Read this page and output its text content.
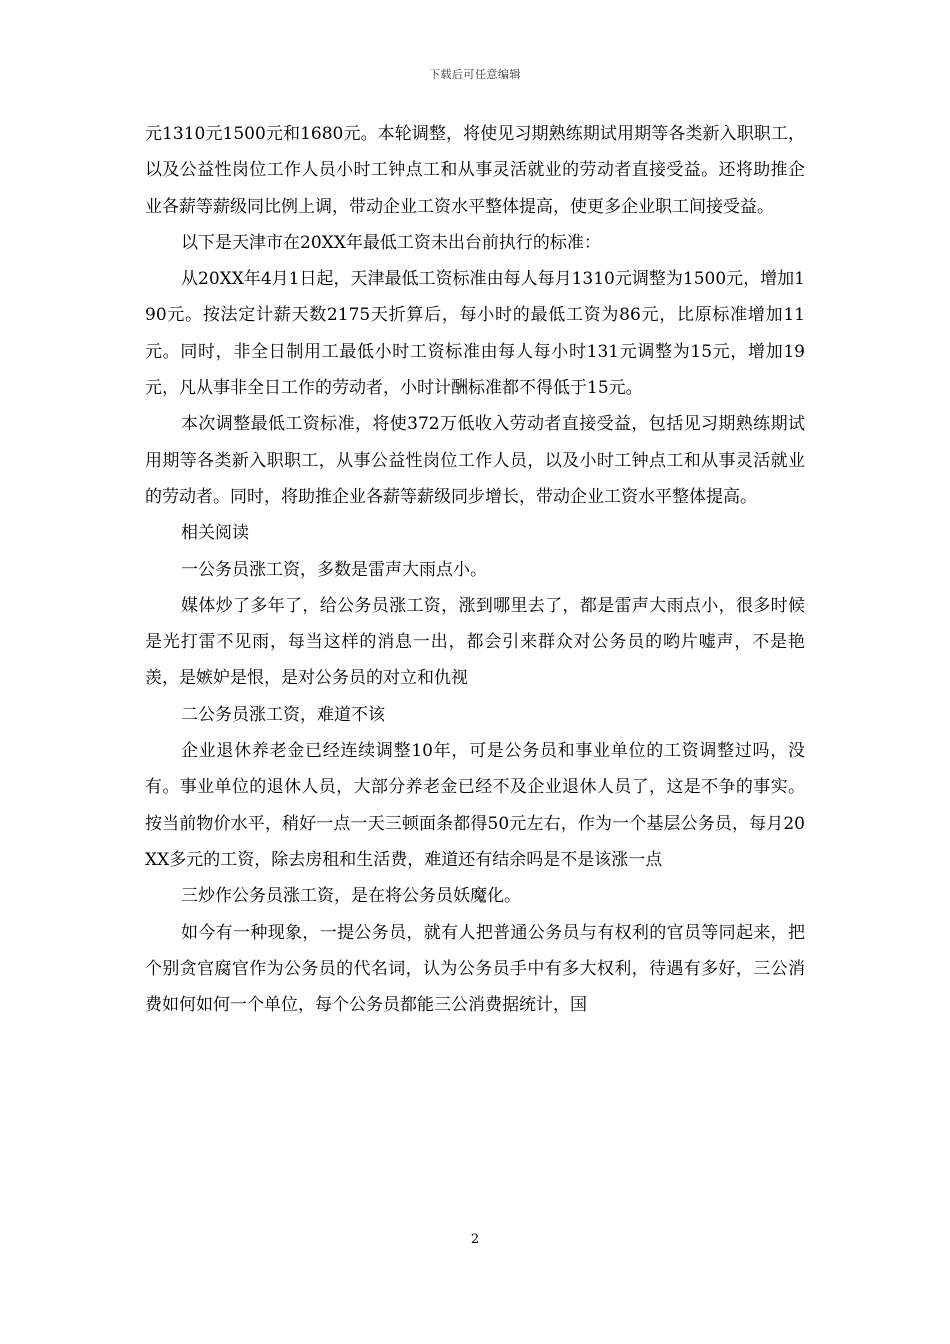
下载后可任意编辑

元1310元1500元和1680元。本轮调整，将使见习期熟练期试用期等各类新入职职工，以及公益性岗位工作人员小时工钟点工和从事灵活就业的劳动者直接受益。还将助推企业各薪等薪级同比例上调，带动企业工资水平整体提高，使更多企业职工间接受益。

以下是天津市在20XX年最低工资未出台前执行的标准：

从20XX年4月1日起，天津最低工资标准由每人每月1310元调整为1500元，增加190元。按法定计薪天数2175天折算后，每小时的最低工资为86元，比原标准增加11元。同时，非全日制用工最低小时工资标准由每人每小时131元调整为15元，增加19元，凡从事非全日工作的劳动者，小时计酬标准都不得低于15元。

本次调整最低工资标准，将使372万低收入劳动者直接受益，包括见习期熟练期试用期等各类新入职职工，从事公益性岗位工作人员，以及小时工钟点工和从事灵活就业的劳动者。同时，将助推企业各薪等薪级同步增长，带动企业工资水平整体提高。

相关阅读

一公务员涨工资，多数是雷声大雨点小。

媒体炒了多年了，给公务员涨工资，涨到哪里去了，都是雷声大雨点小，很多时候是光打雷不见雨，每当这样的消息一出，都会引来群众对公务员的哟片嘘声，不是艳羡，是嫉妒是恨，是对公务员的对立和仇视

二公务员涨工资，难道不该

企业退休养老金已经连续调整10年，可是公务员和事业单位的工资调整过吗，没有。事业单位的退休人员，大部分养老金已经不及企业退休人员了，这是不争的事实。按当前物价水平，稍好一点一天三顿面条都得50元左右，作为一个基层公务员，每月20XX多元的工资，除去房租和生活费，难道还有结余吗是不是该涨一点

三炒作公务员涨工资，是在将公务员妖魔化。

如今有一种现象，一提公务员，就有人把普通公务员与有权利的官员等同起来，把个别贪官腐官作为公务员的代名词，认为公务员手中有多大权利，待遇有多好，三公消费如何如何一个单位，每个公务员都能三公消费据统计，国

2
